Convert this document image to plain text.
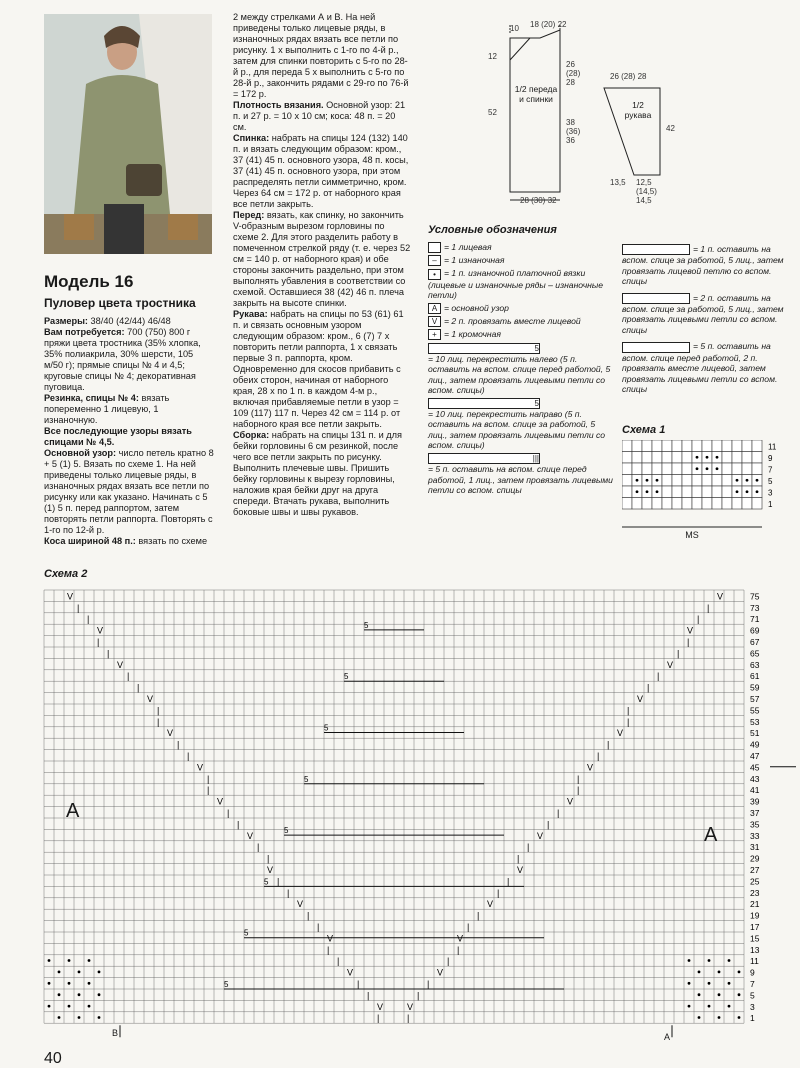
Модель 16
Пуловер цвета тростника
Размеры: 38/40 (42/44) 46/48
Вам потребуется: 700 (750) 800 г пряжи цвета тростника (35% хлопка, 35% полиакрила, 30% шерсти, 105 м/50 г); прямые спицы № 4 и 4,5; круговые спицы № 4; декоративная пуговица.
Резинка, спицы № 4: вязать попеременно 1 лицевую, 1 изнаночную.
Все последующие узоры вязать спицами № 4,5.
Основной узор: число петель кратно 8 + 5 (1) 5. Вязать по схеме 1. На ней приведены только лицевые ряды, в изнаночных рядах вязать все петли по рисунку или как указано. Начинать с 5 (1) 5 п. перед раппортом, затем повторять петли раппорта. Повторять с 1-го по 12-й р.
Коса шириной 48 п.: вязать по схеме
2 между стрелками А и В. На ней приведены только лицевые ряды, в изнаночных рядах вязать все петли по рисунку. 1 х выполнить с 1-го по 4-й р., затем для спинки повторить с 5-го по 28-й р., для переда 5 х выполнить с 5-го по 28-й р., закончить рядами с 29-го по 76-й = 172 р.
Плотность вязания. Основной узор: 21 п. и 27 р. = 10 х 10 см; коса: 48 п. = 20 см.
Спинка: набрать на спицы 124 (132) 140 п. и вязать следующим образом: кром., 37 (41) 45 п. основного узора, 48 п. косы, 37 (41) 45 п. основного узора, при этом распределять петли симметрично, кром. Через 64 см = 172 р. от наборного края все петли закрыть.
Перед: вязать, как спинку, но закончить V-образным вырезом горловины по схеме 2. Для этого разделить работу в помеченном стрелкой ряду (т. е. через 52 см = 140 р. от наборного края) и обе стороны закончить раздельно, при этом выполнять убавления в соответствии со схемой. Оставшиеся 38 (42) 46 п. плеча закрыть на высоте спинки.
Рукава: набрать на спицы по 53 (61) 61 п. и связать основным узором следующим образом: кром., 6 (7) 7 х повторить петли раппорта, 1 х связать первые 3 п. раппорта, кром. Одновременно для скосов прибавить с обеих сторон, начиная от наборного края, 28 х по 1 п. в каждом 4-м р., включая прибавляемые петли в узор = 109 (117) 117 п. Через 42 см = 114 р. от наборного края все петли закрыть.
Сборка: набрать на спицы 131 п. и для бейки горловины 6 см резинкой, после чего все петли закрыть по рисунку. Выполнить плечевые швы. Пришить бейку горловины к вырезу горловины, наложив края бейки друг на друга спереди. Втачать рукава, выполнить боковые швы и швы рукавов.
10 18 (20) 22
12
52
26 (28) 28
38 (36) 36
1/2 переда и спинки
28 (30) 32
26 (28) 28
1/2 рукава
42
13,5 12,5 (14,5) 14,5
Условные обозначения
= 1 лицевая
– = 1 изнаночная
• = 1 п. изнаночной платочной вязки (лицевые и изнаночные ряды – изнаночные петли)
A = основной узор
V = 2 п. провязать вместе лицевой
+ = 1 кромочная
5
= 10 лиц. перекрестить налево (5 п. оставить на вспом. спице перед работой, 5 лиц., затем провязать лицевыми петли со вспом. спицы)
5
= 10 лиц. перекрестить направо (5 п. оставить на вспом. спице за работой, 5 лиц., затем провязать лицевыми петли со вспом. спицы)
|||
= 5 п. оставить на вспом. спице перед работой, 1 лиц., затем провязать лицевыми петли со вспом. спицы
= 1 п. оставить на вспом. спице за работой, 5 лиц., затем провязать лицевой петлю со вспом. спицы
= 2 п. оставить на вспом. спице за работой, 5 лиц., затем провязать лицевыми петли со вспом. спицы
= 5 п. оставить на вспом. спице перед работой, 2 п. провязать вместе лицевой, затем провязать лицевыми петли со вспом. спицы
Схема 1
11
9
7
5
3
1
MS
Схема 2
V	V
|	|
|	|
V	V
|	|
|	|
V	V
|	|
|	|
V	V
|	|
|	|
V	V
|	|
|	|
V	V
|	|
|	|
V	V
|	|
|	|
V	V
|	|
|	|
V	V
|	|
|	|
V	V
|	|
|	|
V	V
|	|
|	|
V	V
|	|
|	|
V	V
|	|
5
5
5
5
5
5
5
5
75
73
71
69
67
65
63
61
59
57
55
53
51
49
47
45
43
41
39
37
35
33
31
29
27
25
23
21
19
17
15
13
11
9
7
5
3
1
A
A
B	A
40
